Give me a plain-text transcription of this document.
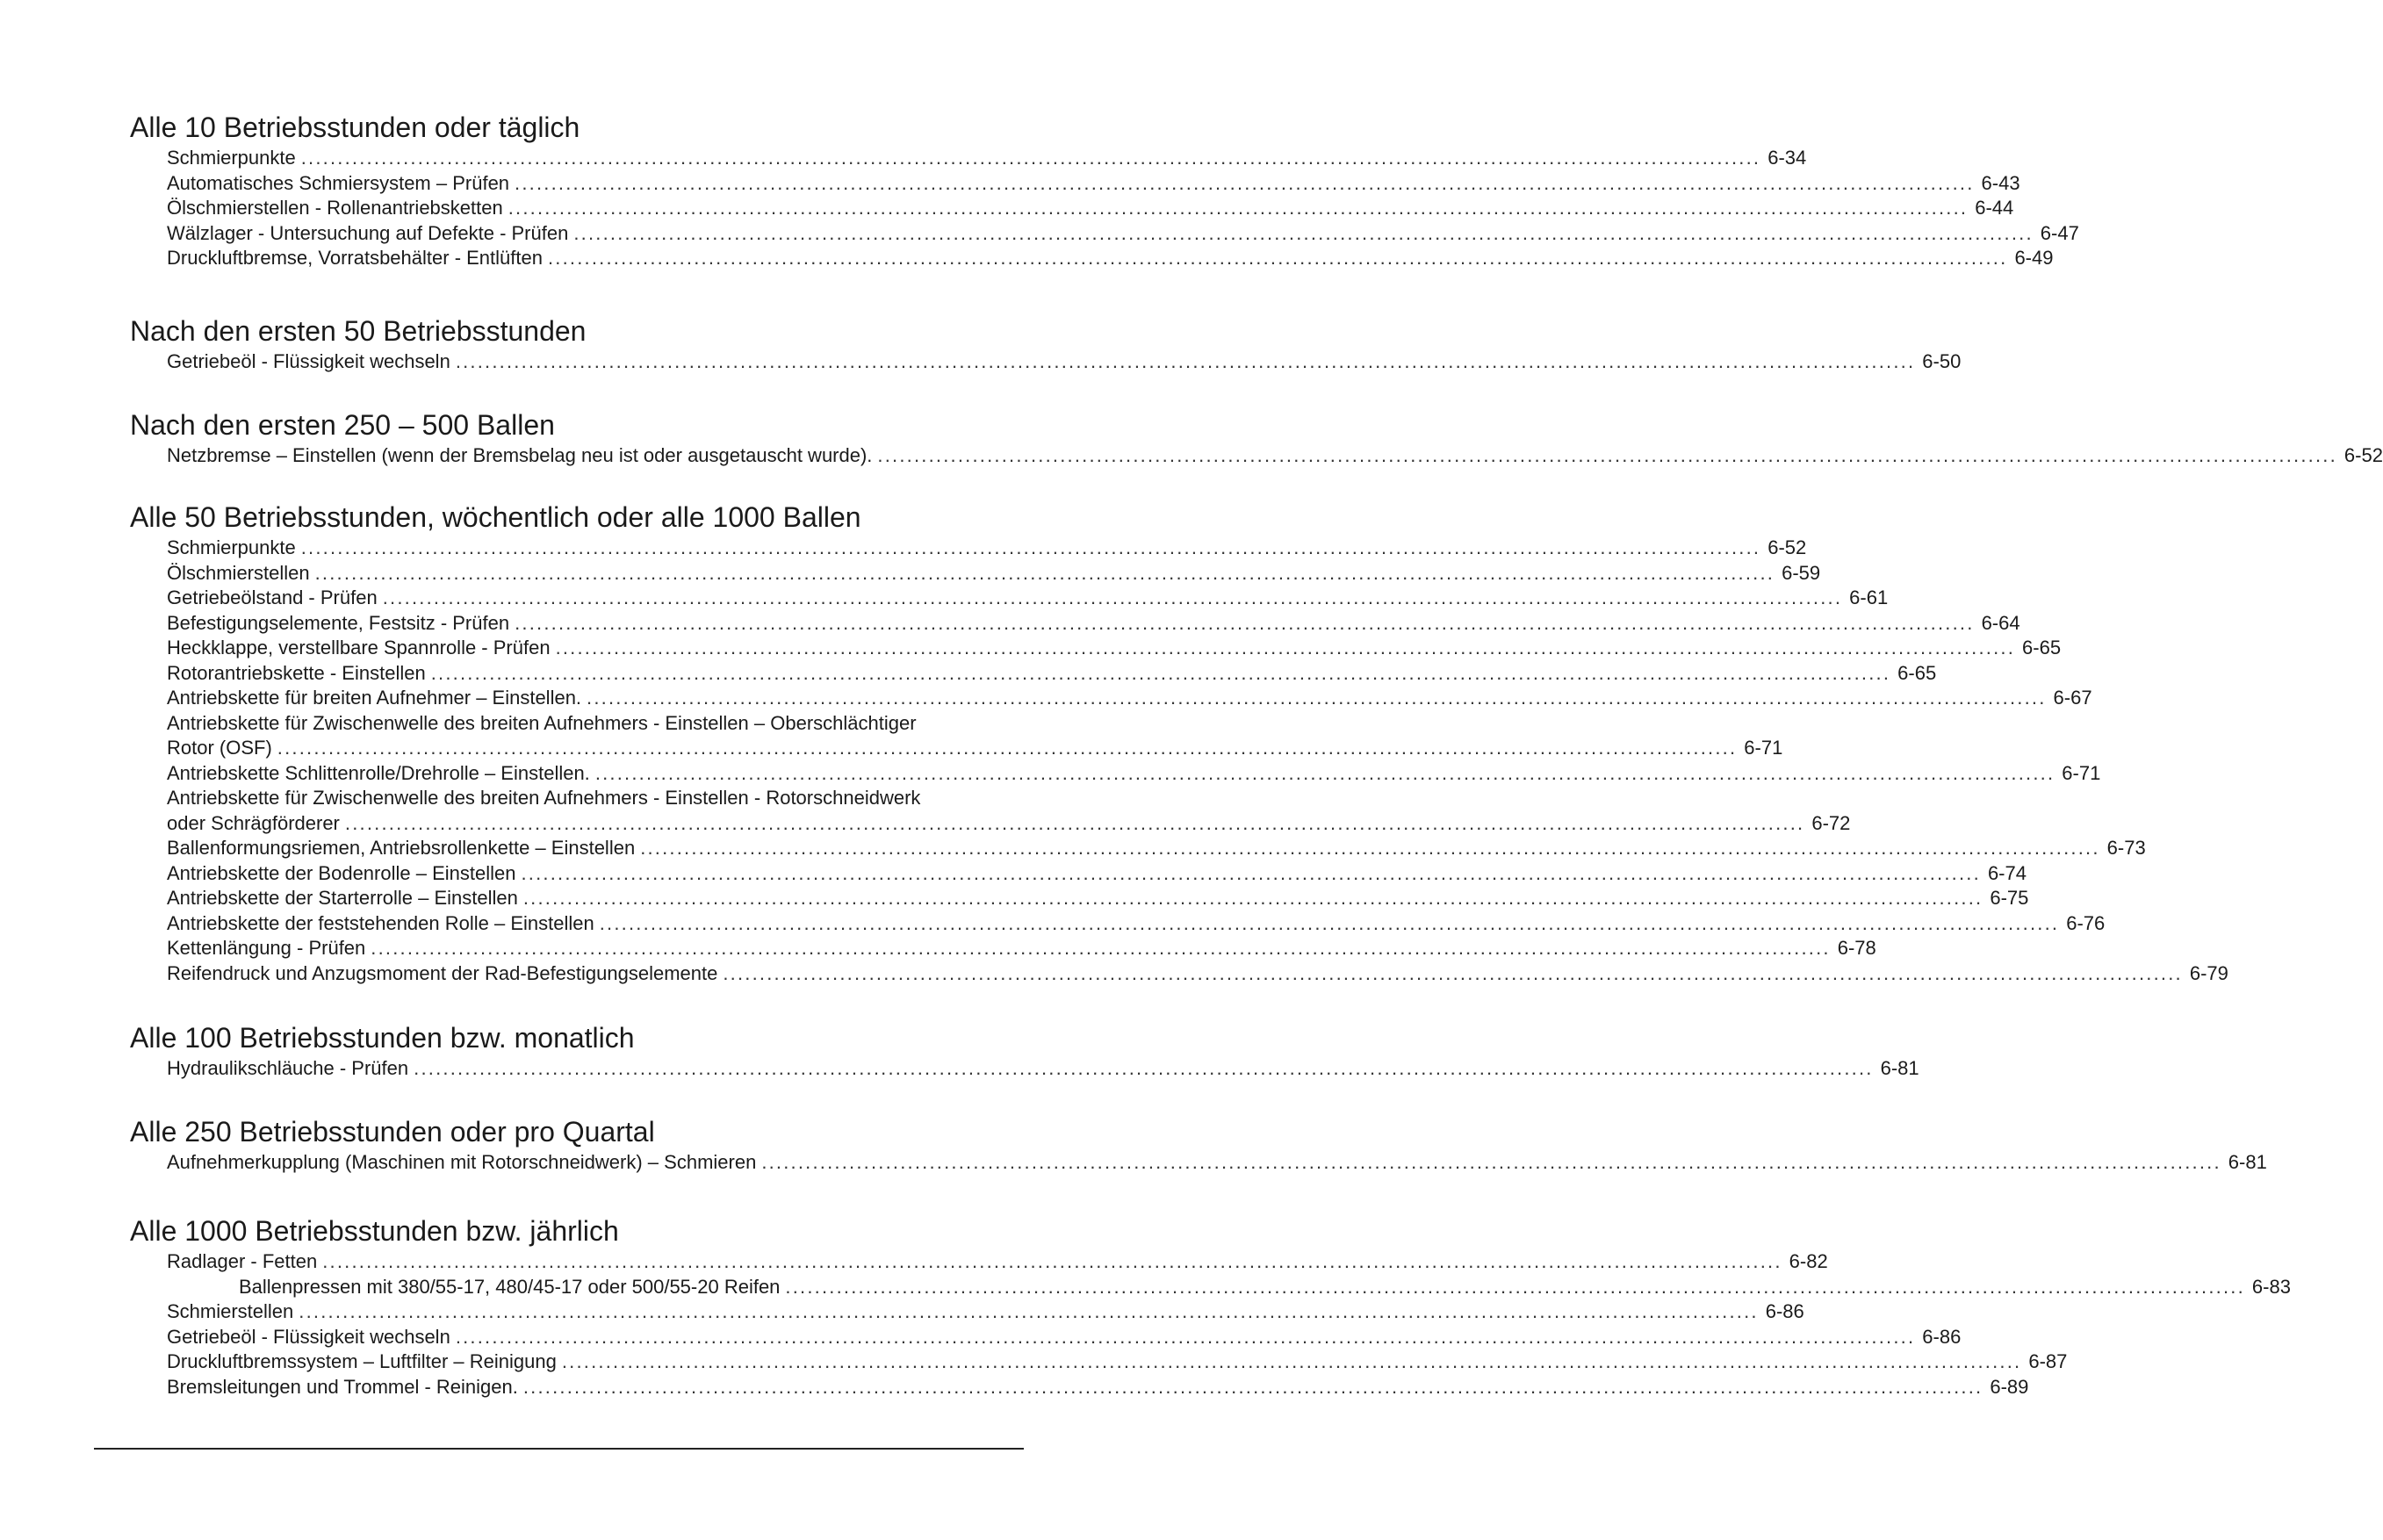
Alle 10 Betriebsstunden oder täglich
Schmierpunkte ........................................................................................................................................................................................................ 6-34
Automatisches Schmiersystem – Prüfen ........................................................................................................................................................................................................ 6-43
Ölschmierstellen - Rollenantriebsketten ........................................................................................................................................................................................................ 6-44
Wälzlager - Untersuchung auf Defekte - Prüfen ........................................................................................................................................................................................................ 6-47
Druckluftbremse, Vorratsbehälter - Entlüften ........................................................................................................................................................................................................ 6-49
Nach den ersten 50 Betriebsstunden
Getriebeöl - Flüssigkeit wechseln ........................................................................................................................................................................................................ 6-50
Nach den ersten 250 – 500 Ballen
Netzbremse – Einstellen (wenn der Bremsbelag neu ist oder ausgetauscht wurde). ........................................................................................................................................................................................................ 6-52
Alle 50 Betriebsstunden, wöchentlich oder alle 1000 Ballen
Schmierpunkte ........................................................................................................................................................................................................ 6-52
Ölschmierstellen ........................................................................................................................................................................................................ 6-59
Getriebeölstand - Prüfen ........................................................................................................................................................................................................ 6-61
Befestigungselemente, Festsitz - Prüfen ........................................................................................................................................................................................................ 6-64
Heckklappe, verstellbare Spannrolle - Prüfen ........................................................................................................................................................................................................ 6-65
Rotorantriebskette - Einstellen ........................................................................................................................................................................................................ 6-65
Antriebskette für breiten Aufnehmer – Einstellen. ........................................................................................................................................................................................................ 6-67
Antriebskette für Zwischenwelle des breiten Aufnehmers - Einstellen – Oberschlächtiger
Rotor (OSF) ........................................................................................................................................................................................................ 6-71
Antriebskette Schlittenrolle/Drehrolle – Einstellen. ........................................................................................................................................................................................................ 6-71
Antriebskette für Zwischenwelle des breiten Aufnehmers - Einstellen - Rotorschneidwerk
oder Schrägförderer ........................................................................................................................................................................................................ 6-72
Ballenformungsriemen, Antriebsrollenkette – Einstellen ........................................................................................................................................................................................................ 6-73
Antriebskette der Bodenrolle – Einstellen ........................................................................................................................................................................................................ 6-74
Antriebskette der Starterrolle – Einstellen ........................................................................................................................................................................................................ 6-75
Antriebskette der feststehenden Rolle – Einstellen ........................................................................................................................................................................................................ 6-76
Kettenlängung - Prüfen ........................................................................................................................................................................................................ 6-78
Reifendruck und Anzugsmoment der Rad-Befestigungselemente ........................................................................................................................................................................................................ 6-79
Alle 100 Betriebsstunden bzw. monatlich
Hydraulikschläuche - Prüfen ........................................................................................................................................................................................................ 6-81
Alle 250 Betriebsstunden oder pro Quartal
Aufnehmerkupplung (Maschinen mit Rotorschneidwerk) – Schmieren ........................................................................................................................................................................................................ 6-81
Alle 1000 Betriebsstunden bzw. jährlich
Radlager - Fetten ........................................................................................................................................................................................................ 6-82
Ballenpressen mit 380/55-17, 480/45-17 oder 500/55-20 Reifen ........................................................................................................................................................................................................ 6-83
Schmierstellen ........................................................................................................................................................................................................ 6-86
Getriebeöl - Flüssigkeit wechseln ........................................................................................................................................................................................................ 6-86
Druckluftbremssystem – Luftfilter – Reinigung ........................................................................................................................................................................................................ 6-87
Bremsleitungen und Trommel - Reinigen. ........................................................................................................................................................................................................ 6-89
